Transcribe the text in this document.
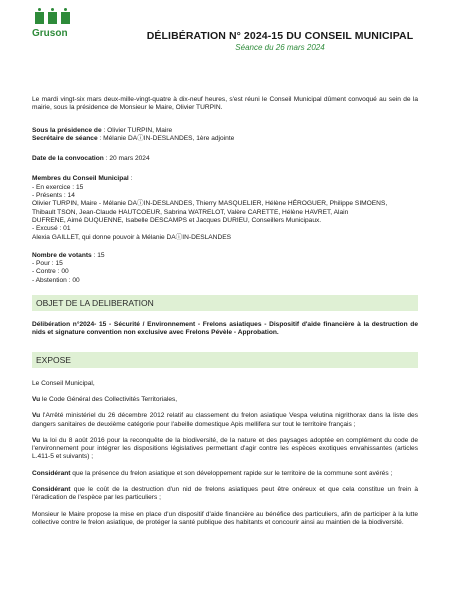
Gruson	DÉLIBÉRATION N° 2024-15 DU CONSEIL MUNICIPAL
Séance du 26 mars 2024

Le mardi vingt-six mars deux-mille-vingt-quatre à dix-neuf heures, s'est réuni le Conseil Municipal dûment convoqué au sein de la mairie, sous la présidence de Monsieur le Maire, Olivier TURPIN.

Sous la présidence de : Olivier TURPIN, Maire

Secrétaire de séance : Mélanie DAⓘIN-DESLANDES, 1ère adjointe

Date de la convocation : 20 mars 2024

Membres du Conseil Municipal :

- En exercice : 15

- Présents : 14

Olivier TURPIN, Maire - Mélanie DAⓘIN-DESLANDES, Thierry MASQUELIER, Hélène HÉROGUER, Philippe SIMOENS,

Thibault TSON, Jean-Claude HAUTCOEUR, Sabrina WATRELOT, Valère CARETTE, Hélène HAVRET, Alain

DUFRENE, Aimé DUQUENNE, Isabelle DESCAMPS et Jacques DURIEU, Conseillers Municipaux.

- Excusé : 01

Alexia GAILLET, qui donne pouvoir à Mélanie DAⓘIN-DESLANDES

Nombre de votants : 15

- Pour : 15

- Contre : 00

- Abstention : 00

OBJET DE LA DELIBERATION

Délibération n°2024- 15 - Sécurité / Environnement - Frelons asiatiques - Dispositif d'aide financière à la destruction de nids et signature convention non exclusive avec Frelons Pévèle - Approbation.

EXPOSE

Le Conseil Municipal,

Vu le Code Général des Collectivités Territoriales,

Vu l'Arrêté ministériel du 26 décembre 2012 relatif au classement du frelon asiatique Vespa velutina nigrithorax dans la liste des dangers sanitaires de deuxième catégorie pour l'abeille domestique Apis mellifera sur tout le territoire français ;

Vu la loi du 8 août 2016 pour la reconquête de la biodiversité, de la nature et des paysages adoptée en complément du code de l'environnement pour intégrer les dispositions législatives permettant d'agir contre les espèces exotiques envahissantes (articles L.411-5 et suivants) ;

Considérant que la présence du frelon asiatique et son développement rapide sur le territoire de la commune sont avérés ;

Considérant que le coût de la destruction d'un nid de frelons asiatiques peut être onéreux et que cela constitue un frein à l'éradication de l'espèce par les particuliers ;

Monsieur le Maire propose la mise en place d'un dispositif d'aide financière au bénéfice des particuliers, afin de participer à la lutte collective contre le frelon asiatique, de protéger la santé publique des habitants et concourir ainsi au maintien de la biodiversité.
